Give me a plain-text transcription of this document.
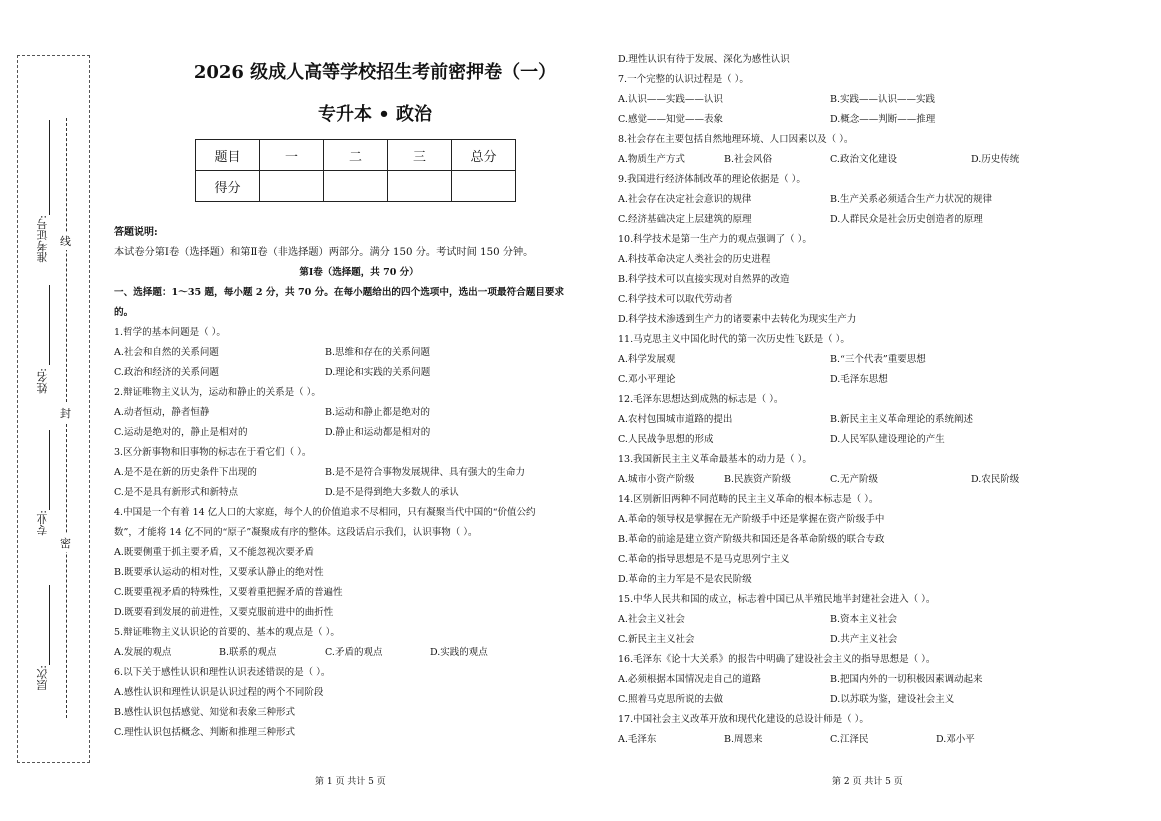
准考证号:
姓名:
专业:
层次:
线
封
密
2026 级成人高等学校招生考前密押卷（一）
专升本 • 政治
题目	一	二	三	总分
得分				
答题说明:
本试卷分第Ⅰ卷（选择题）和第Ⅱ卷（非选择题）两部分。满分 150 分。考试时间 150 分钟。
第Ⅰ卷（选择题，共 70 分）
一、选择题：1～35 题，每小题 2 分，共 70 分。在每小题给出的四个选项中，选出一项最符合题目要求
的。
1.哲学的基本问题是（ ）。
A.社会和自然的关系问题	B.思维和存在的关系问题
C.政治和经济的关系问题	D.理论和实践的关系问题
2.辩证唯物主义认为，运动和静止的关系是（ ）。
A.动者恒动，静者恒静	B.运动和静止都是绝对的
C.运动是绝对的，静止是相对的	D.静止和运动都是相对的
3.区分新事物和旧事物的标志在于看它们（ ）。
A.是不是在新的历史条件下出现的	B.是不是符合事物发展规律、具有强大的生命力
C.是不是具有新形式和新特点	D.是不是得到绝大多数人的承认
4.中国是一个有着 14 亿人口的大家庭，每个人的价值追求不尽相同，只有凝聚当代中国的“价值公约
数”，才能将 14 亿不同的“原子”凝聚成有序的整体。这段话启示我们，认识事物（ ）。
A.既要侧重于抓主要矛盾，又不能忽视次要矛盾
B.既要承认运动的相对性，又要承认静止的绝对性
C.既要重视矛盾的特殊性，又要着重把握矛盾的普遍性
D.既要看到发展的前进性，又要克服前进中的曲折性
5.辩证唯物主义认识论的首要的、基本的观点是（ ）。
A.发展的观点	B.联系的观点	C.矛盾的观点	D.实践的观点
6.以下关于感性认识和理性认识表述错误的是（ ）。
A.感性认识和理性认识是认识过程的两个不同阶段
B.感性认识包括感觉、知觉和表象三种形式
C.理性认识包括概念、判断和推理三种形式
D.理性认识有待于发展、深化为感性认识
7.一个完整的认识过程是（ ）。
A.认识——实践——认识	B.实践——认识——实践
C.感觉——知觉——表象	D.概念——判断——推理
8.社会存在主要包括自然地理环境、人口因素以及（ ）。
A.物质生产方式	B.社会风俗	C.政治文化建设	D.历史传统
9.我国进行经济体制改革的理论依据是（ ）。
A.社会存在决定社会意识的规律	B.生产关系必须适合生产力状况的规律
C.经济基础决定上层建筑的原理	D.人群民众是社会历史创造者的原理
10.科学技术是第一生产力的观点强调了（ ）。
A.科技革命决定人类社会的历史进程
B.科学技术可以直接实现对自然界的改造
C.科学技术可以取代劳动者
D.科学技术渗透到生产力的诸要素中去转化为现实生产力
11.马克思主义中国化时代的第一次历史性飞跃是（ ）。
A.科学发展观	B.“三个代表”重要思想
C.邓小平理论	D.毛泽东思想
12.毛泽东思想达到成熟的标志是（ ）。
A.农村包围城市道路的提出	B.新民主主义革命理论的系统阐述
C.人民战争思想的形成	D.人民军队建设理论的产生
13.我国新民主主义革命最基本的动力是（ ）。
A.城市小资产阶级	B.民族资产阶级	C.无产阶级	D.农民阶级
14.区别新旧两种不同范畴的民主主义革命的根本标志是（ ）。
A.革命的领导权是掌握在无产阶级手中还是掌握在资产阶级手中
B.革命的前途是建立资产阶级共和国还是各革命阶级的联合专政
C.革命的指导思想是不是马克思列宁主义
D.革命的主力军是不是农民阶级
15.中华人民共和国的成立，标志着中国已从半殖民地半封建社会进入（ ）。
A.社会主义社会	B.资本主义社会
C.新民主主义社会	D.共产主义社会
16.毛泽东《论十大关系》的报告中明确了建设社会主义的指导思想是（ ）。
A.必须根据本国情况走自己的道路	B.把国内外的一切积极因素调动起来
C.照着马克思所说的去做	D.以苏联为鉴，建设社会主义
17.中国社会主义改革开放和现代化建设的总设计师是（ ）。
A.毛泽东	B.周恩来	C.江泽民	D.邓小平
第 1 页 共计 5 页	第 2 页 共计 5 页
